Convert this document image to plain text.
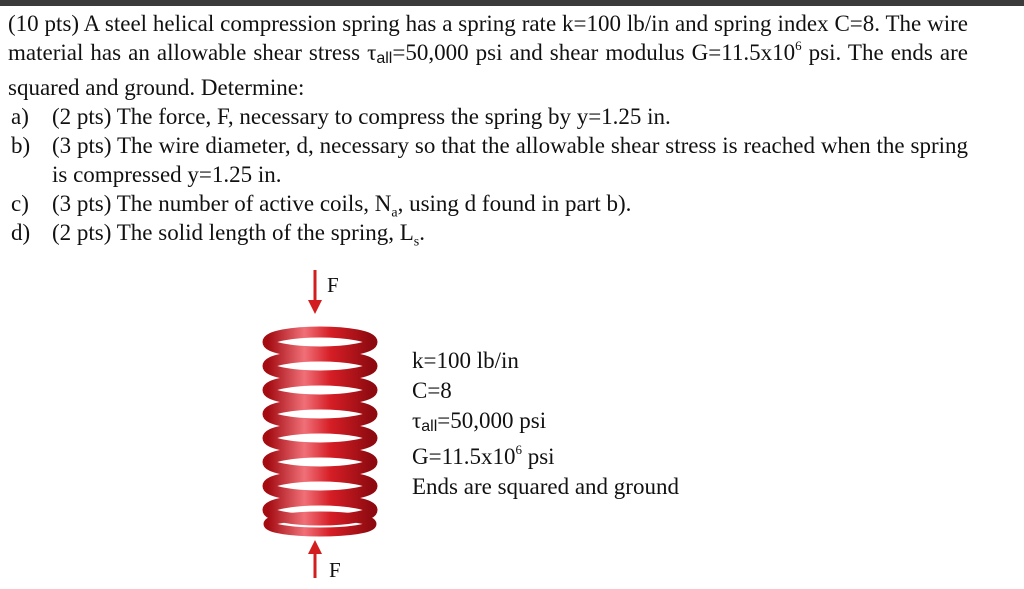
(10 pts) A steel helical compression spring has a spring rate k=100 lb/in and spring index C=8. The wire material has an allowable shear stress τall=50,000 psi and shear modulus $G=11.5x10^6$ psi. The ends are squared and ground. Determine:
a) (2 pts) The force, F, necessary to compress the spring by y=1.25 in.
b) (3 pts) The wire diameter, d, necessary so that the allowable shear stress is reached when the spring is compressed y=1.25 in.
c) (3 pts) The number of active coils, $N_a$, using d found in part b).
d) (2 pts) The solid length of the spring, $L_s$.
F
F
k=100 lb/in
C=8
τall=50,000 psi
$G=11.5x10^6$ psi
Ends are squared and ground
